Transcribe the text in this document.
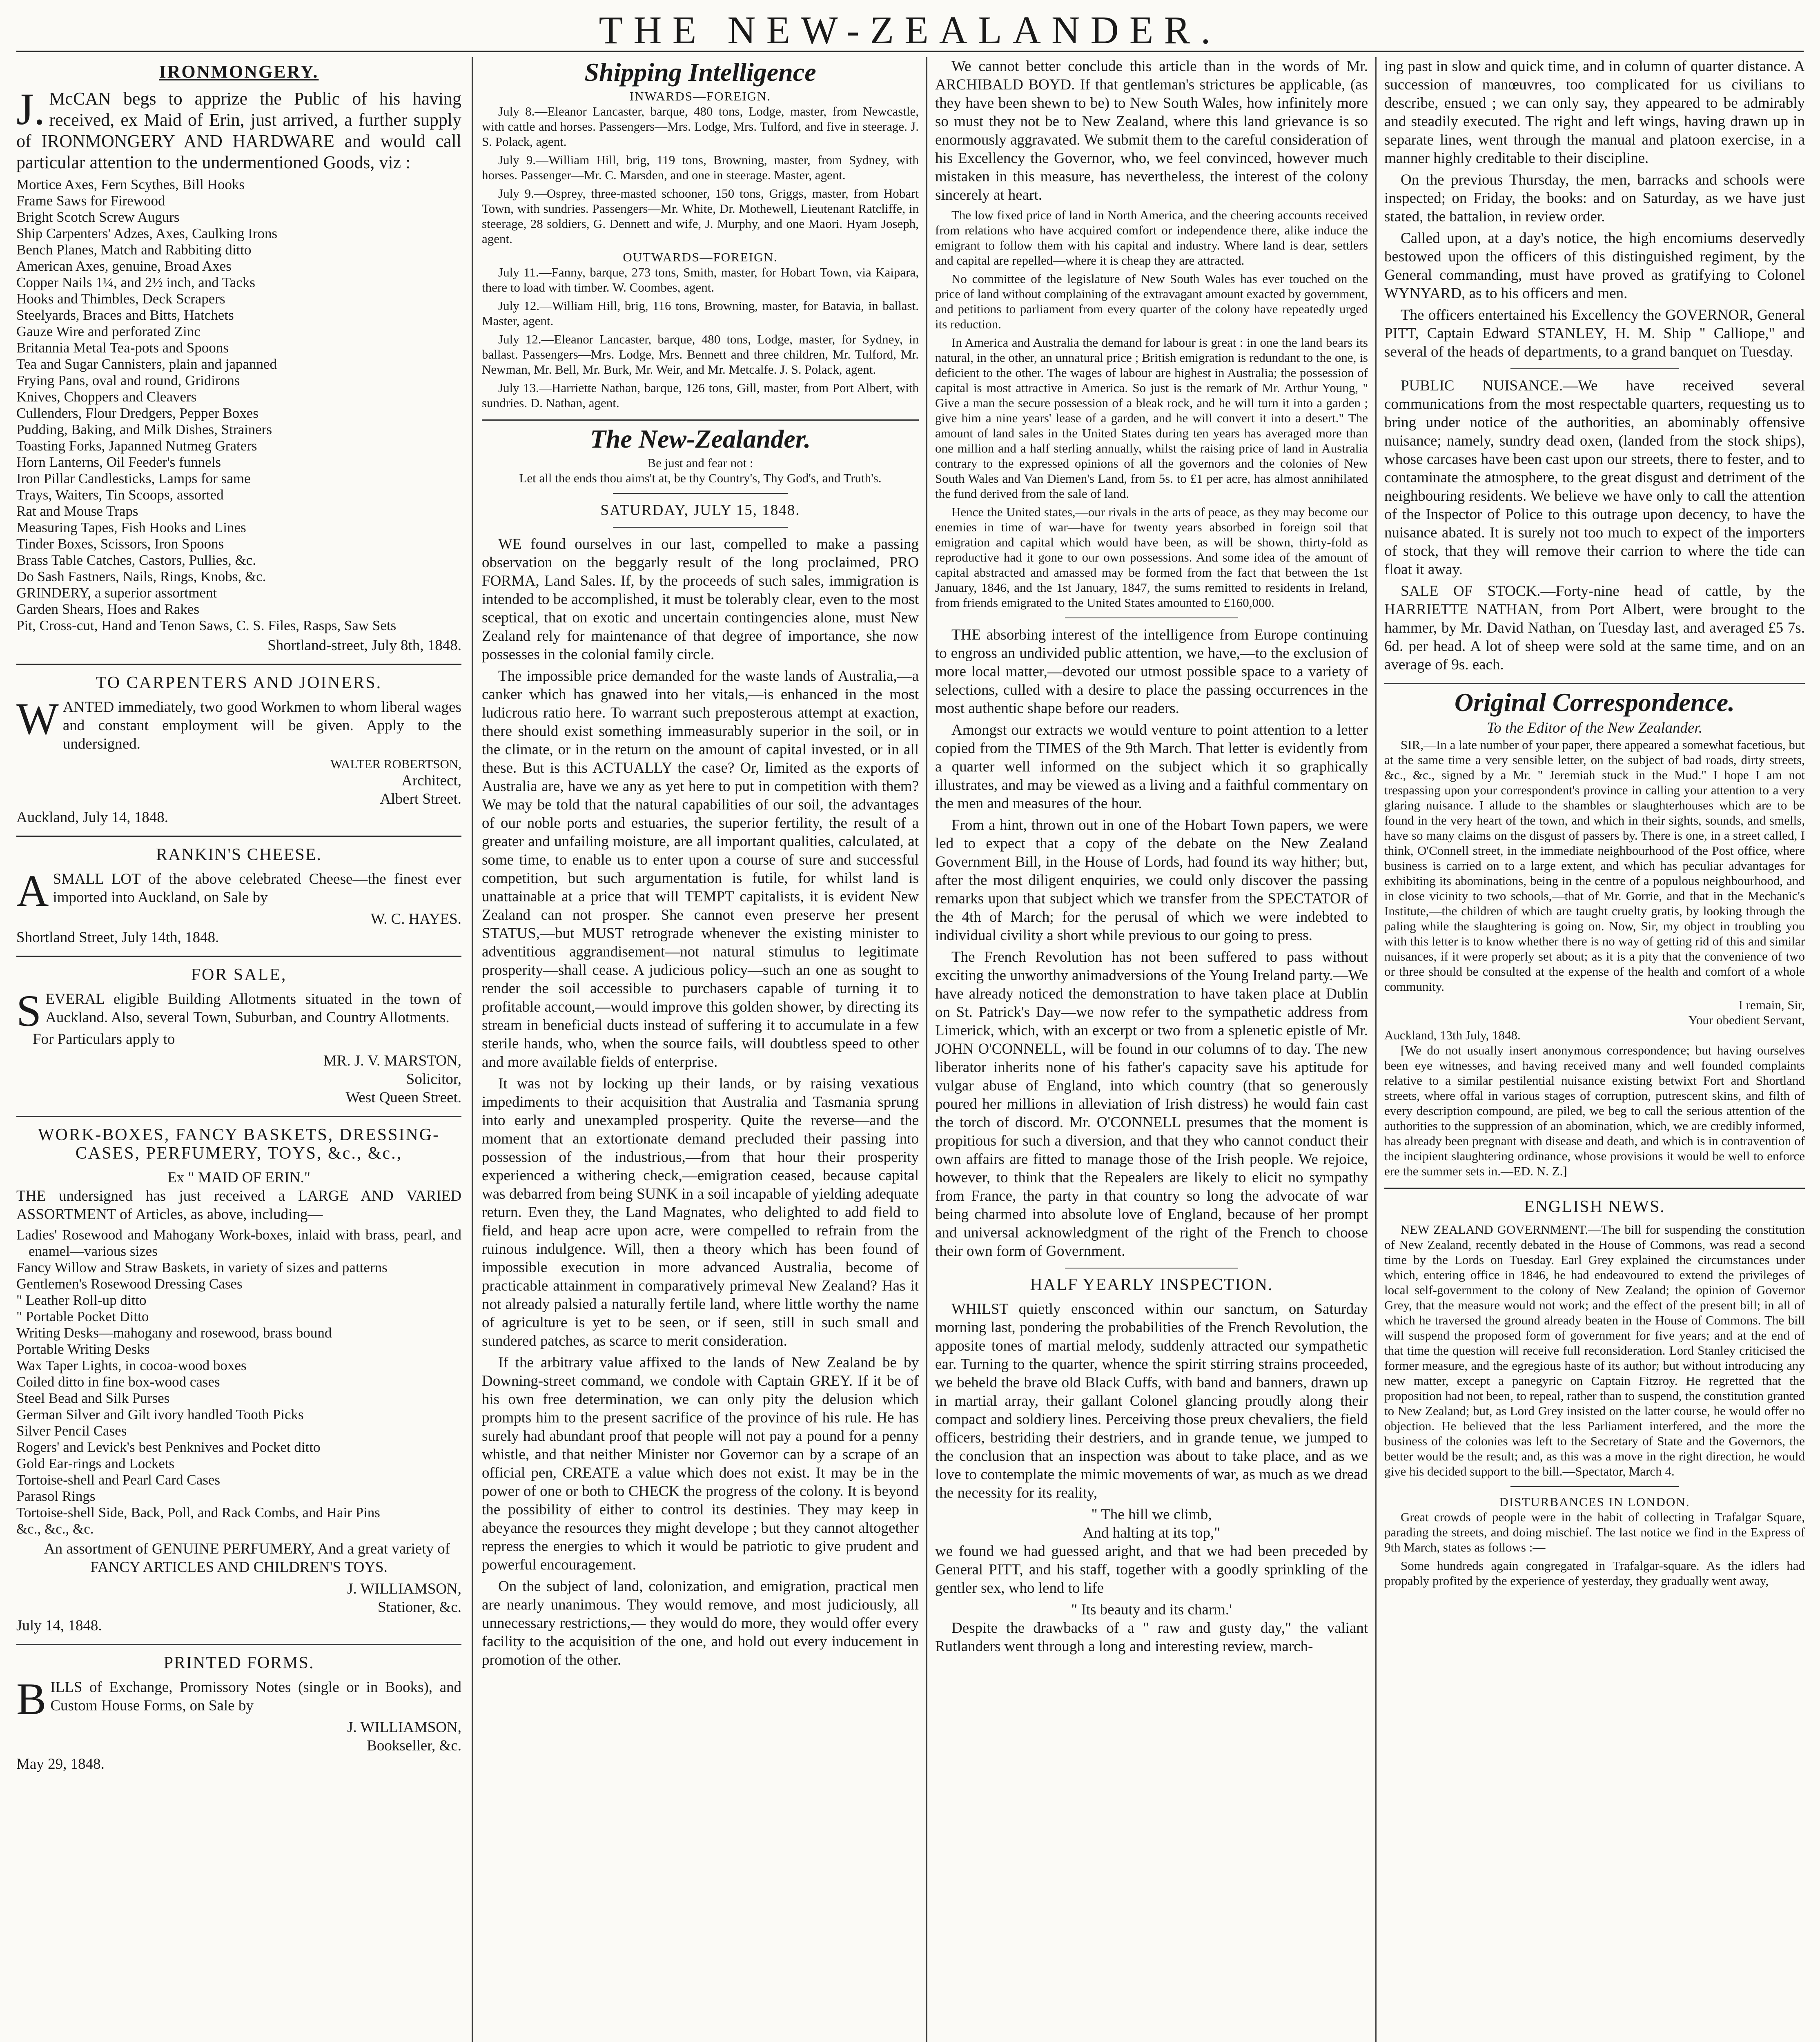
THE NEW-ZEALANDER.
IRONMONGERY.

J.McCAN begs to apprize the Public of his having received, ex Maid of Erin, just arrived, a further supply of IRONMONGERY AND HARDWARE and would call particular attention to the undermentioned Goods, viz :

Mortice Axes, Fern Scythes, Bill Hooks
Frame Saws for Firewood
Bright Scotch Screw Augurs
Ship Carpenters' Adzes, Axes, Caulking Irons
Bench Planes, Match and Rabbiting ditto
American Axes, genuine, Broad Axes
Copper Nails 1¼, and 2½ inch, and Tacks
Hooks and Thimbles, Deck Scrapers
Steelyards, Braces and Bitts, Hatchets
Gauze Wire and perforated Zinc
Britannia Metal Tea-pots and Spoons
Tea and Sugar Cannisters, plain and japanned
Frying Pans, oval and round, Gridirons
Knives, Choppers and Cleavers
Cullenders, Flour Dredgers, Pepper Boxes
Pudding, Baking, and Milk Dishes, Strainers
Toasting Forks, Japanned Nutmeg Graters
Horn Lanterns, Oil Feeder's funnels
Iron Pillar Candlesticks, Lamps for same
Trays, Waiters, Tin Scoops, assorted
Rat and Mouse Traps
Measuring Tapes, Fish Hooks and Lines
Tinder Boxes, Scissors, Iron Spoons
Brass Table Catches, Castors, Pullies, &c.
Do Sash Fastners, Nails, Rings, Knobs, &c.
GRINDERY, a superior assortment
Garden Shears, Hoes and Rakes
Pit, Cross-cut, Hand and Tenon Saws, C. S. Files, Rasps, Saw Sets
Shortland-street, July 8th, 1848.
TO CARPENTERS AND JOINERS.

WANTED immediately, two good Workmen to whom liberal wages and constant employment will be given. Apply to the undersigned.

WALTER ROBERTSON,
Architect,
Albert Street.
Auckland, July 14, 1848.
RANKIN'S CHEESE.

ASMALL LOT of the above celebrated Cheese—the finest ever imported into Auckland, on Sale by

W. C. HAYES.
Shortland Street, July 14th, 1848.
FOR SALE,

SEVERAL eligible Building Allotments situated in the town of Auckland. Also, several Town, Suburban, and Country Allotments.

For Particulars apply to

MR. J. V. MARSTON,
Solicitor,
West Queen Street.
WORK-BOXES, FANCY BASKETS, DRESSING-CASES, PERFUMERY, TOYS, &c., &c.,
Ex " MAID OF ERIN."

THE undersigned has just received a LARGE AND VARIED ASSORTMENT of Articles, as above, including—

Ladies' Rosewood and Mahogany Work-boxes, inlaid with brass, pearl, and enamel—various sizes
Fancy Willow and Straw Baskets, in variety of sizes and patterns
Gentlemen's Rosewood Dressing Cases
" Leather Roll-up ditto
" Portable Pocket Ditto
Writing Desks—mahogany and rosewood, brass bound
Portable Writing Desks
Wax Taper Lights, in cocoa-wood boxes
Coiled ditto in fine box-wood cases
Steel Bead and Silk Purses
German Silver and Gilt ivory handled Tooth Picks
Silver Pencil Cases
Rogers' and Levick's best Penknives and Pocket ditto
Gold Ear-rings and Lockets
Tortoise-shell and Pearl Card Cases
Parasol Rings
Tortoise-shell Side, Back, Poll, and Rack Combs, and Hair Pins
&c., &c., &c.

An assortment of GENUINE PERFUMERY, And a great variety of FANCY ARTICLES AND CHILDREN'S TOYS.

J. WILLIAMSON,
Stationer, &c.
July 14, 1848.
PRINTED FORMS.

BILLS of Exchange, Promissory Notes (single or in Books), and Custom House Forms, on Sale by

J. WILLIAMSON,
Bookseller, &c.
May 29, 1848.
Shipping Intelligence
INWARDS—FOREIGN.

July 8.—Eleanor Lancaster, barque, 480 tons, Lodge, master, from Newcastle, with cattle and horses. Passengers—Mrs. Lodge, Mrs. Tulford, and five in steerage. J. S. Polack, agent.

July 9.—William Hill, brig, 119 tons, Browning, master, from Sydney, with horses. Passenger—Mr. C. Marsden, and one in steerage. Master, agent.

July 9.—Osprey, three-masted schooner, 150 tons, Griggs, master, from Hobart Town, with sundries. Passengers—Mr. White, Dr. Mothewell, Lieutenant Ratcliffe, in steerage, 28 soldiers, G. Dennett and wife, J. Murphy, and one Maori. Hyam Joseph, agent.

OUTWARDS—FOREIGN.

July 11.—Fanny, barque, 273 tons, Smith, master, for Hobart Town, via Kaipara, there to load with timber. W. Coombes, agent.

July 12.—William Hill, brig, 116 tons, Browning, master, for Batavia, in ballast. Master, agent.

July 12.—Eleanor Lancaster, barque, 480 tons, Lodge, master, for Sydney, in ballast. Passengers—Mrs. Lodge, Mrs. Bennett and three children, Mr. Tulford, Mr. Newman, Mr. Bell, Mr. Burk, Mr. Weir, and Mr. Metcalfe. J. S. Polack, agent.

July 13.—Harriette Nathan, barque, 126 tons, Gill, master, from Port Albert, with sundries. D. Nathan, agent.

The New-Zealander.
Be just and fear not :
Let all the ends thou aims't at, be thy Country's, Thy God's, and Truth's.
SATURDAY, JULY 15, 1848.

WE found ourselves in our last, compelled to make a passing observation on the beggarly result of the long proclaimed, PRO FORMA, Land Sales. If, by the proceeds of such sales, immigration is intended to be accomplished, it must be tolerably clear, even to the most sceptical, that on exotic and uncertain contingencies alone, must New Zealand rely for maintenance of that degree of importance, she now possesses in the colonial family circle.

The impossible price demanded for the waste lands of Australia,—a canker which has gnawed into her vitals,—is enhanced in the most ludicrous ratio here. To warrant such preposterous attempt at exaction, there should exist something immeasurably superior in the soil, or in the climate, or in the return on the amount of capital invested, or in all these. But is this ACTUALLY the case? Or, limited as the exports of Australia are, have we any as yet here to put in competition with them? We may be told that the natural capabilities of our soil, the advantages of our noble ports and estuaries, the superior fertility, the result of a greater and unfailing moisture, are all important qualities, calculated, at some time, to enable us to enter upon a course of sure and successful competition, but such argumentation is futile, for whilst land is unattainable at a price that will TEMPT capitalists, it is evident New Zealand can not prosper. She cannot even preserve her present STATUS,—but MUST retrograde whenever the existing minister to adventitious aggrandisement—not natural stimulus to legitimate prosperity—shall cease. A judicious policy—such an one as sought to render the soil accessible to purchasers capable of turning it to profitable account,—would improve this golden shower, by directing its stream in beneficial ducts instead of suffering it to accumulate in a few sterile hands, who, when the source fails, will doubtless speed to other and more available fields of enterprise.

It was not by locking up their lands, or by raising vexatious impediments to their acquisition that Australia and Tasmania sprung into early and unexampled prosperity. Quite the reverse—and the moment that an extortionate demand precluded their passing into possession of the industrious,—from that hour their prosperity experienced a withering check,—emigration ceased, because capital was debarred from being SUNK in a soil incapable of yielding adequate return. Even they, the Land Magnates, who delighted to add field to field, and heap acre upon acre, were compelled to refrain from the ruinous indulgence. Will, then a theory which has been found of impossible execution in more advanced Australia, become of practicable attainment in comparatively primeval New Zealand? Has it not already palsied a naturally fertile land, where little worthy the name of agriculture is yet to be seen, or if seen, still in such small and sundered patches, as scarce to merit consideration.

If the arbitrary value affixed to the lands of New Zealand be by Downing-street command, we condole with Captain GREY. If it be of his own free determination, we can only pity the delusion which prompts him to the present sacrifice of the province of his rule. He has surely had abundant proof that people will not pay a pound for a penny whistle, and that neither Minister nor Governor can by a scrape of an official pen, CREATE a value which does not exist. It may be in the power of one or both to CHECK the progress of the colony. It is beyond the possibility of either to control its destinies. They may keep in abeyance the resources they might develope ; but they cannot altogether repress the energies to which it would be patriotic to give prudent and powerful encouragement.

On the subject of land, colonization, and emigration, practical men are nearly unanimous. They would remove, and most judiciously, all unnecessary restrictions,— they would do more, they would offer every facility to the acquisition of the one, and hold out every inducement in promotion of the other.

We cannot better conclude this article than in the words of Mr. ARCHIBALD BOYD. If that gentleman's strictures be applicable, (as they have been shewn to be) to New South Wales, how infinitely more so must they not be to New Zealand, where this land grievance is so enormously aggravated. We submit them to the careful consideration of his Excellency the Governor, who, we feel convinced, however much mistaken in this measure, has nevertheless, the interest of the colony sincerely at heart.

The low fixed price of land in North America, and the cheering accounts received from relations who have acquired comfort or independence there, alike induce the emigrant to follow them with his capital and industry. Where land is dear, settlers and capital are repelled—where it is cheap they are attracted.

No committee of the legislature of New South Wales has ever touched on the price of land without complaining of the extravagant amount exacted by government, and petitions to parliament from every quarter of the colony have repeatedly urged its reduction.

In America and Australia the demand for labour is great : in one the land bears its natural, in the other, an unnatural price ; British emigration is redundant to the one, is deficient to the other. The wages of labour are highest in Australia; the possession of capital is most attractive in America. So just is the remark of Mr. Arthur Young, " Give a man the secure possession of a bleak rock, and he will turn it into a garden ; give him a nine years' lease of a garden, and he will convert it into a desert." The amount of land sales in the United States during ten years has averaged more than one million and a half sterling annually, whilst the raising price of land in Australia contrary to the expressed opinions of all the governors and the colonies of New South Wales and Van Diemen's Land, from 5s. to £1 per acre, has almost annihilated the fund derived from the sale of land.

Hence the United states,—our rivals in the arts of peace, as they may become our enemies in time of war—have for twenty years absorbed in foreign soil that emigration and capital which would have been, as will be shown, thirty-fold as reproductive had it gone to our own possessions. And some idea of the amount of capital abstracted and amassed may be formed from the fact that between the 1st January, 1846, and the 1st January, 1847, the sums remitted to residents in Ireland, from friends emigrated to the United States amounted to £160,000.

THE absorbing interest of the intelligence from Europe continuing to engross an undivided public attention, we have,—to the exclusion of more local matter,—devoted our utmost possible space to a variety of selections, culled with a desire to place the passing occurrences in the most authentic shape before our readers.

Amongst our extracts we would venture to point attention to a letter copied from the TIMES of the 9th March. That letter is evidently from a quarter well informed on the subject which it so graphically illustrates, and may be viewed as a living and a faithful commentary on the men and measures of the hour.

From a hint, thrown out in one of the Hobart Town papers, we were led to expect that a copy of the debate on the New Zealand Government Bill, in the House of Lords, had found its way hither; but, after the most diligent enquiries, we could only discover the passing remarks upon that subject which we transfer from the SPECTATOR of the 4th of March; for the perusal of which we were indebted to individual civility a short while previous to our going to press.

The French Revolution has not been suffered to pass without exciting the unworthy animadversions of the Young Ireland party.—We have already noticed the demonstration to have taken place at Dublin on St. Patrick's Day—we now refer to the sympathetic address from Limerick, which, with an excerpt or two from a splenetic epistle of Mr. JOHN O'CONNELL, will be found in our columns of to day. The new liberator inherits none of his father's capacity save his aptitude for vulgar abuse of England, into which country (that so generously poured her millions in alleviation of Irish distress) he would fain cast the torch of discord. Mr. O'CONNELL presumes that the moment is propitious for such a diversion, and that they who cannot conduct their own affairs are fitted to manage those of the Irish people. We rejoice, however, to think that the Repealers are likely to elicit no sympathy from France, the party in that country so long the advocate of war being charmed into absolute love of England, because of her prompt and universal acknowledgment of the right of the French to choose their own form of Government.

HALF YEARLY INSPECTION.

WHILST quietly ensconced within our sanctum, on Saturday morning last, pondering the probabilities of the French Revolution, the apposite tones of martial melody, suddenly attracted our sympathetic ear. Turning to the quarter, whence the spirit stirring strains proceeded, we beheld the brave old Black Cuffs, with band and banners, drawn up in martial array, their gallant Colonel glancing proudly along their compact and soldiery lines. Perceiving those preux chevaliers, the field officers, bestriding their destriers, and in grande tenue, we jumped to the conclusion that an inspection was about to take place, and as we love to contemplate the mimic movements of war, as much as we dread the necessity for its reality,

" The hill we climb,
And halting at its top,"

we found we had guessed aright, and that we had been preceded by General PITT, and his staff, together with a goodly sprinkling of the gentler sex, who lend to life

" Its beauty and its charm.'

Despite the drawbacks of a " raw and gusty day," the valiant Rutlanders went through a long and interesting review, march-

ing past in slow and quick time, and in column of quarter distance. A succession of manœuvres, too complicated for us civilians to describe, ensued ; we can only say, they appeared to be admirably and steadily executed. The right and left wings, having drawn up in separate lines, went through the manual and platoon exercise, in a manner highly creditable to their discipline.

On the previous Thursday, the men, barracks and schools were inspected; on Friday, the books: and on Saturday, as we have just stated, the battalion, in review order.

Called upon, at a day's notice, the high encomiums deservedly bestowed upon the officers of this distinguished regiment, by the General commanding, must have proved as gratifying to Colonel WYNYARD, as to his officers and men.

The officers entertained his Excellency the GOVERNOR, General PITT, Captain Edward STANLEY, H. M. Ship " Calliope," and several of the heads of departments, to a grand banquet on Tuesday.

PUBLIC NUISANCE.—We have received several communications from the most respectable quarters, requesting us to bring under notice of the authorities, an abominably offensive nuisance; namely, sundry dead oxen, (landed from the stock ships), whose carcases have been cast upon our streets, there to fester, and to contaminate the atmosphere, to the great disgust and detriment of the neighbouring residents. We believe we have only to call the attention of the Inspector of Police to this outrage upon decency, to have the nuisance abated. It is surely not too much to expect of the importers of stock, that they will remove their carrion to where the tide can float it away.

SALE OF STOCK.—Forty-nine head of cattle, by the HARRIETTE NATHAN, from Port Albert, were brought to the hammer, by Mr. David Nathan, on Tuesday last, and averaged £5 7s. 6d. per head. A lot of sheep were sold at the same time, and on an average of 9s. each.

Original Correspondence.
To the Editor of the New Zealander.

SIR,—In a late number of your paper, there appeared a somewhat facetious, but at the same time a very sensible letter, on the subject of bad roads, dirty streets, &c., &c., signed by a Mr. " Jeremiah stuck in the Mud." I hope I am not trespassing upon your correspondent's province in calling your attention to a very glaring nuisance. I allude to the shambles or slaughterhouses which are to be found in the very heart of the town, and which in their sights, sounds, and smells, have so many claims on the disgust of passers by. There is one, in a street called, I think, O'Connell street, in the immediate neighbourhood of the Post office, where business is carried on to a large extent, and which has peculiar advantages for exhibiting its abominations, being in the centre of a populous neighbourhood, and in close vicinity to two schools,—that of Mr. Gorrie, and that in the Mechanic's Institute,—the children of which are taught cruelty gratis, by looking through the paling while the slaughtering is going on. Now, Sir, my object in troubling you with this letter is to know whether there is no way of getting rid of this and similar nuisances, if it were properly set about; as it is a pity that the convenience of two or three should be consulted at the expense of the health and comfort of a whole community.

I remain, Sir,
Your obedient Servant,
Auckland, 13th July, 1848.

[We do not usually insert anonymous correspondence; but having ourselves been eye witnesses, and having received many and well founded complaints relative to a similar pestilential nuisance existing betwixt Fort and Shortland streets, where offal in various stages of corruption, putrescent skins, and filth of every description compound, are piled, we beg to call the serious attention of the authorities to the suppression of an abomination, which, we are credibly informed, has already been pregnant with disease and death, and which is in contravention of the incipient slaughtering ordinance, whose provisions it would be well to enforce ere the summer sets in.—ED. N. Z.]

ENGLISH NEWS.

NEW ZEALAND GOVERNMENT.—The bill for suspending the constitution of New Zealand, recently debated in the House of Commons, was read a second time by the Lords on Tuesday. Earl Grey explained the circumstances under which, entering office in 1846, he had endeavoured to extend the privileges of local self-government to the colony of New Zealand; the opinion of Governor Grey, that the measure would not work; and the effect of the present bill; in all of which he traversed the ground already beaten in the House of Commons. The bill will suspend the proposed form of government for five years; and at the end of that time the question will receive full reconsideration. Lord Stanley criticised the former measure, and the egregious haste of its author; but without introducing any new matter, except a panegyric on Captain Fitzroy. He regretted that the proposition had not been, to repeal, rather than to suspend, the constitution granted to New Zealand; but, as Lord Grey insisted on the latter course, he would offer no objection. He believed that the less Parliament interfered, and the more the business of the colonies was left to the Secretary of State and the Governors, the better would be the result; and, as this was a move in the right direction, he would give his decided support to the bill.—Spectator, March 4.

DISTURBANCES IN LONDON.

Great crowds of people were in the habit of collecting in Trafalgar Square, parading the streets, and doing mischief. The last notice we find in the Express of 9th March, states as follows :—

Some hundreds again congregated in Trafalgar-square. As the idlers had propably profited by the experience of yesterday, they gradually went away,
